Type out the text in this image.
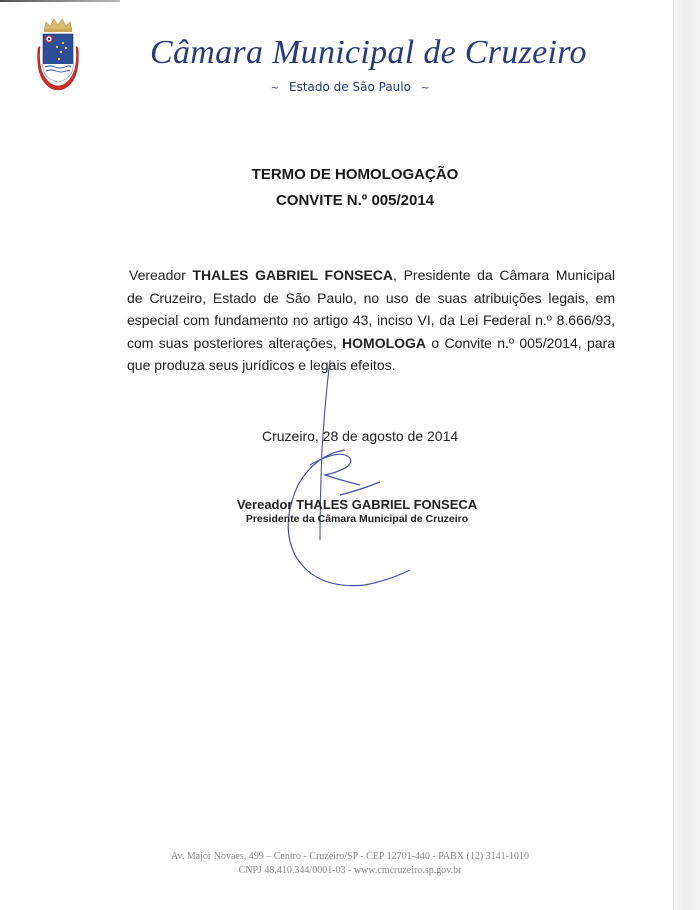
Câmara Municipal de Cruzeiro
~ Estado de São Paulo ~
TERMO DE HOMOLOGAÇÃO
CONVITE N.º 005/2014
Vereador THALES GABRIEL FONSECA, Presidente da Câmara Municipal de Cruzeiro, Estado de São Paulo, no uso de suas atribuições legais, em especial com fundamento no artigo 43, inciso VI, da Lei Federal n.º 8.666/93, com suas posteriores alterações, HOMOLOGA o Convite n.º 005/2014, para que produza seus jurídicos e legais efeitos.
Cruzeiro, 28 de agosto de 2014
Vereador THALES GABRIEL FONSECA
Presidente da Câmara Municipal de Cruzeiro
Av. Major Novaes, 499 – Centro - Cruzeiro/SP - CEP 12701-440 - PABX (12) 3141-1010
CNPJ 48.410.344/0001-03 - www.cmcruzeiro.sp.gov.br
